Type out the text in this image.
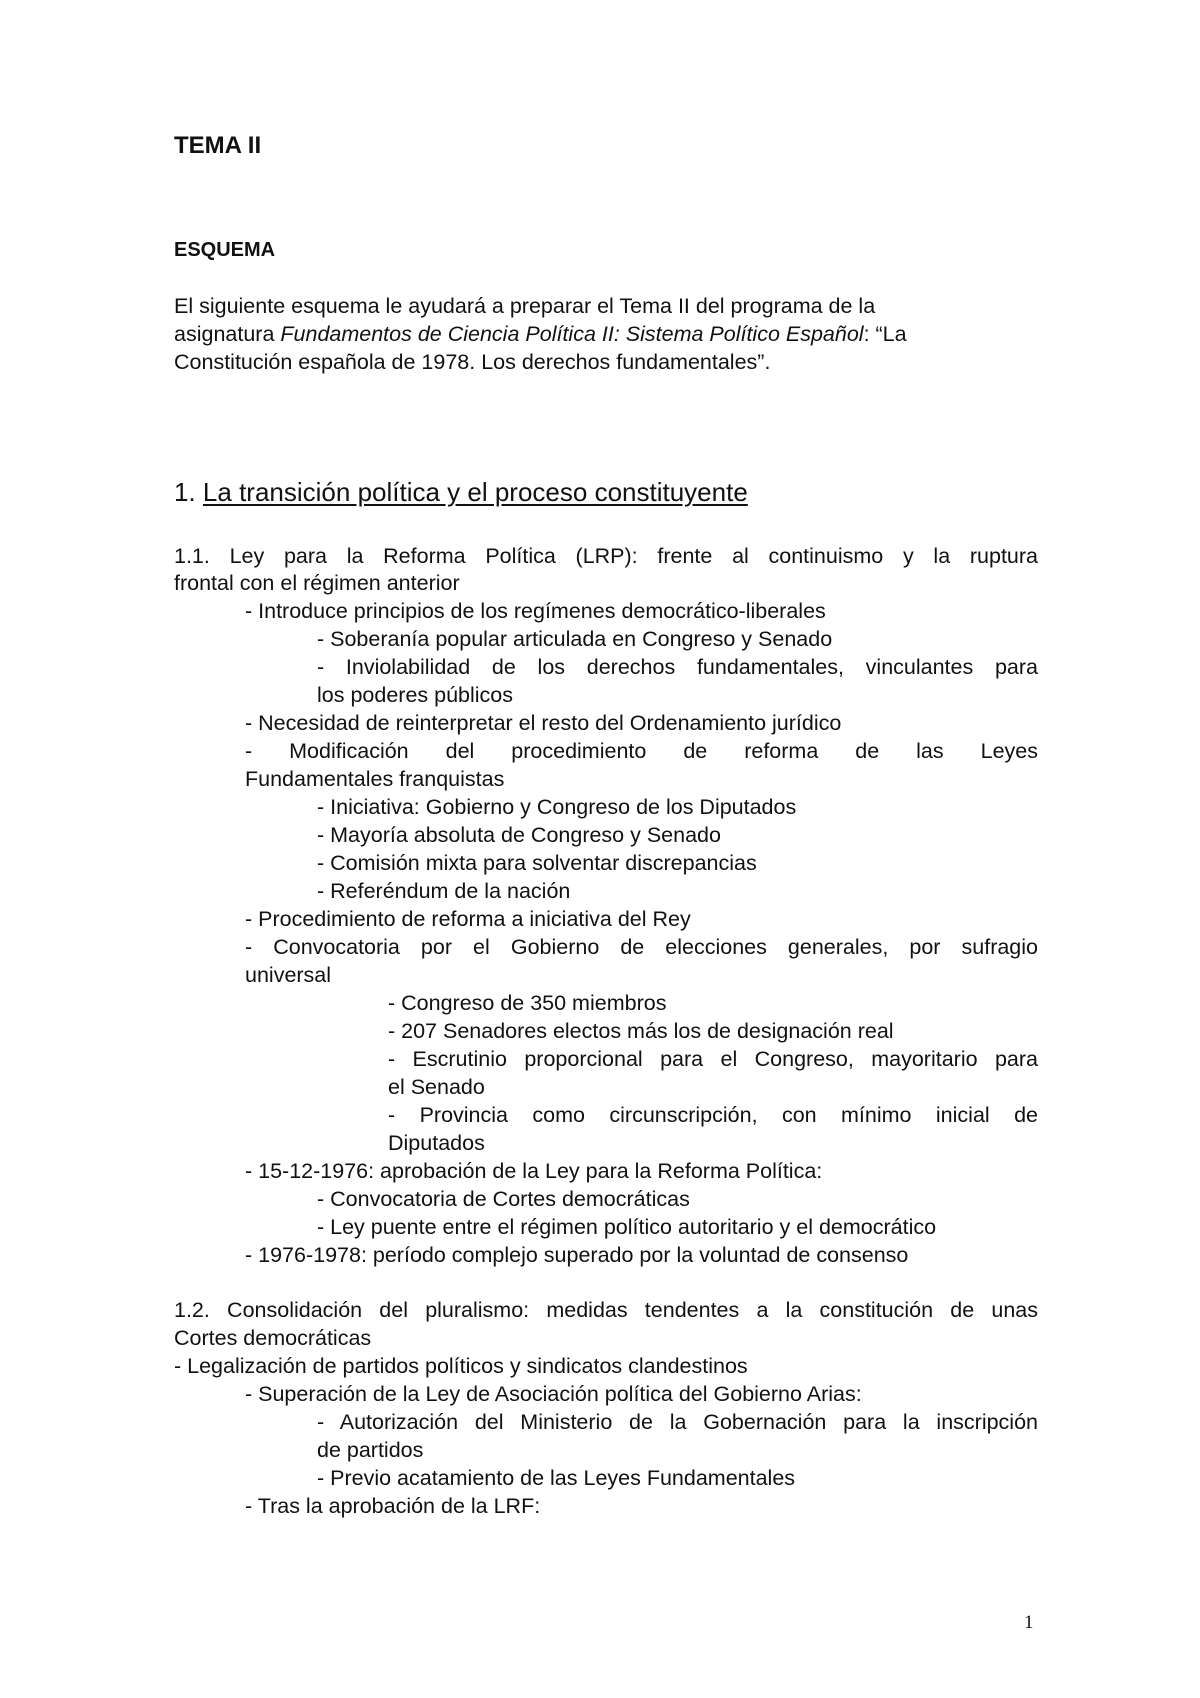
TEMA II
ESQUEMA
El siguiente esquema le ayudará a preparar el Tema II del programa de la
asignatura Fundamentos de Ciencia Política II: Sistema Político Español: “La
Constitución española de 1978. Los derechos fundamentales”.
1. La transición política y el proceso constituyente
1.1. Ley para la Reforma Política (LRP): frente al continuismo y la ruptura
frontal con el régimen anterior
- Introduce principios de los regímenes democrático-liberales
- Soberanía popular articulada en Congreso y Senado
- Inviolabilidad de los derechos fundamentales, vinculantes para
los poderes públicos
- Necesidad de reinterpretar el resto del Ordenamiento jurídico
- Modificación del procedimiento de reforma de las Leyes
Fundamentales franquistas
- Iniciativa: Gobierno y Congreso de los Diputados
- Mayoría absoluta de Congreso y Senado
- Comisión mixta para solventar discrepancias
- Referéndum de la nación
- Procedimiento de reforma a iniciativa del Rey
- Convocatoria por el Gobierno de elecciones generales, por sufragio
universal
- Congreso de 350 miembros
- 207 Senadores electos más los de designación real
- Escrutinio proporcional para el Congreso, mayoritario para
el Senado
- Provincia como circunscripción, con mínimo inicial de
Diputados
- 15-12-1976: aprobación de la Ley para la Reforma Política:
- Convocatoria de Cortes democráticas
- Ley puente entre el régimen político autoritario y el democrático
- 1976-1978: período complejo superado por la voluntad de consenso
1.2. Consolidación del pluralismo: medidas tendentes a la constitución de unas
Cortes democráticas
- Legalización de partidos políticos y sindicatos clandestinos
- Superación de la Ley de Asociación política del Gobierno Arias:
- Autorización del Ministerio de la Gobernación para la inscripción
de partidos
- Previo acatamiento de las Leyes Fundamentales
- Tras la aprobación de la LRF:
1
